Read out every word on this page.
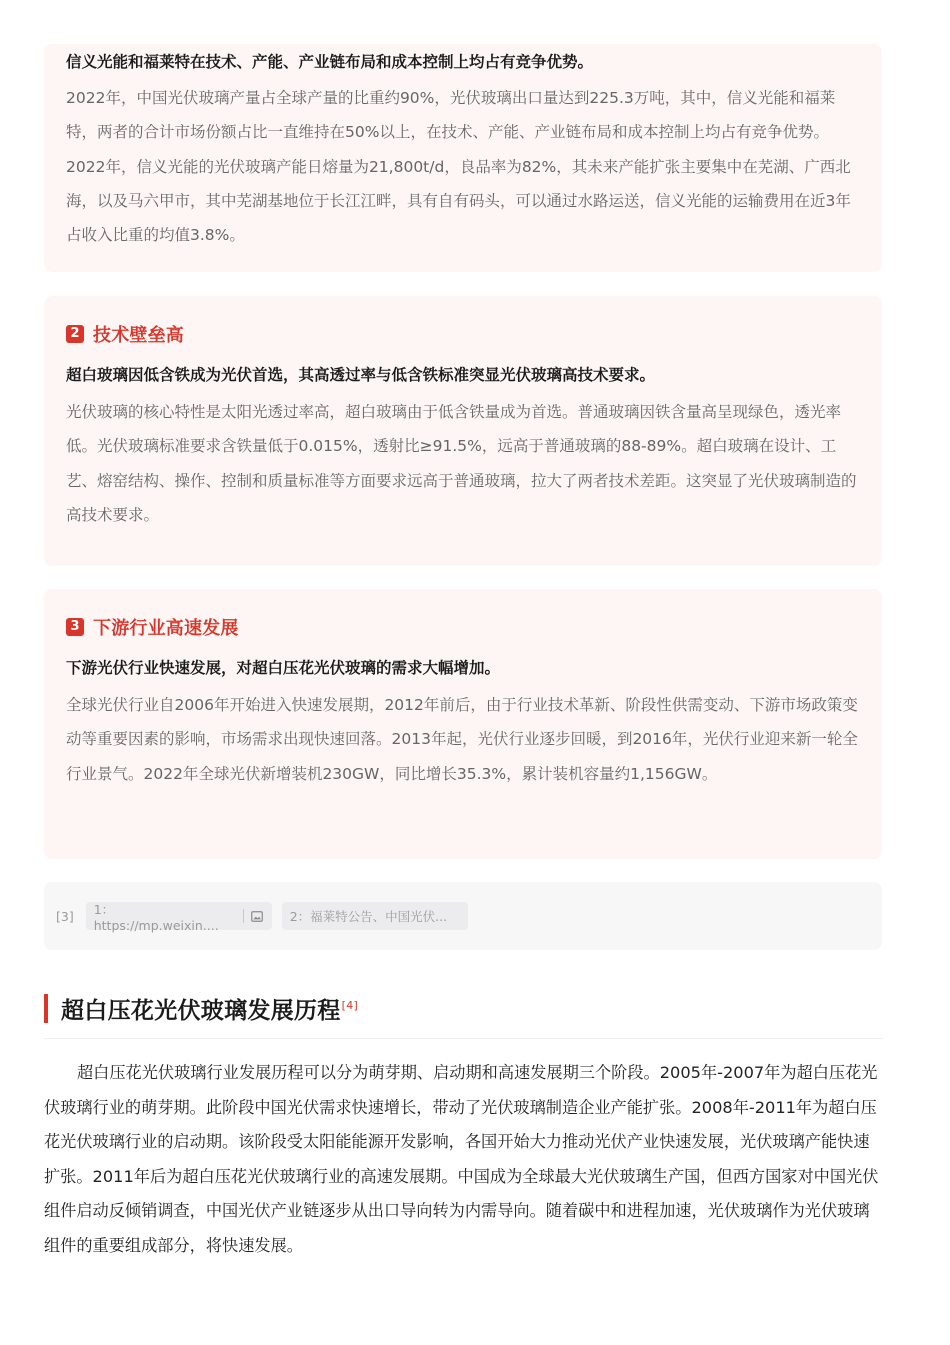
信义光能和福莱特在技术、产能、产业链布局和成本控制上均占有竞争优势。
2022年，中国光伏玻璃产量占全球产量的比重约90%，光伏玻璃出口量达到225.3万吨，其中，信义光能和福莱特，两者的合计市场份额占比一直维持在50%以上，在技术、产能、产业链布局和成本控制上均占有竞争优势。2022年，信义光能的光伏玻璃产能日熔量为21,800t/d，良品率为82%，其未来产能扩张主要集中在芜湖、广西北海，以及马六甲市，其中芜湖基地位于长江江畔，具有自有码头，可以通过水路运送，信义光能的运输费用在近3年占收入比重的均值3.8%。
2 技术壁垒高
超白玻璃因低含铁成为光伏首选，其高透过率与低含铁标准突显光伏玻璃高技术要求。
光伏玻璃的核心特性是太阳光透过率高，超白玻璃由于低含铁量成为首选。普通玻璃因铁含量高呈现绿色，透光率低。光伏玻璃标准要求含铁量低于0.015%，透射比≥91.5%，远高于普通玻璃的88-89%。超白玻璃在设计、工艺、熔窑结构、操作、控制和质量标准等方面要求远高于普通玻璃，拉大了两者技术差距。这突显了光伏玻璃制造的高技术要求。
3 下游行业高速发展
下游光伏行业快速发展，对超白压花光伏玻璃的需求大幅增加。
全球光伏行业自2006年开始进入快速发展期，2012年前后，由于行业技术革新、阶段性供需变动、下游市场政策变动等重要因素的影响，市场需求出现快速回落。2013年起，光伏行业逐步回暖，到2016年，光伏行业迎来新一轮全行业景气。2022年全球光伏新增装机230GW，同比增长35.3%，累计装机容量约1,156GW。
[3] 1：https://mp.weixin....
2：福莱特公告、中国光伏...
超白压花光伏玻璃发展历程[4]
超白压花光伏玻璃行业发展历程可以分为萌芽期、启动期和高速发展期三个阶段。2005年-2007年为超白压花光伏玻璃行业的萌芽期。此阶段中国光伏需求快速增长，带动了光伏玻璃制造企业产能扩张。2008年-2011年为超白压花光伏玻璃行业的启动期。该阶段受太阳能能源开发影响，各国开始大力推动光伏产业快速发展，光伏玻璃产能快速扩张。2011年后为超白压花光伏玻璃行业的高速发展期。中国成为全球最大光伏玻璃生产国，但西方国家对中国光伏组件启动反倾销调查，中国光伏产业链逐步从出口导向转为内需导向。随着碳中和进程加速，光伏玻璃作为光伏玻璃组件的重要组成部分，将快速发展。
